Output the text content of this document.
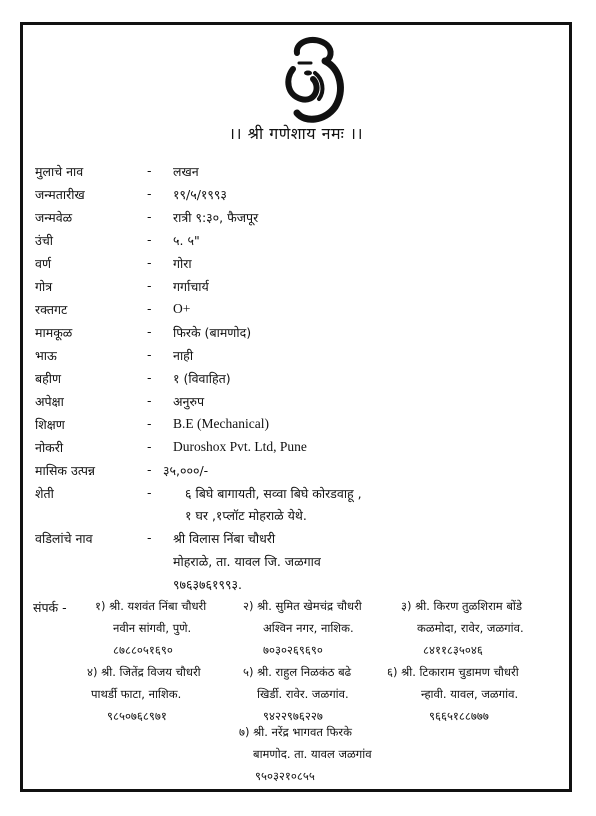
।। श्री गणेशाय नमः ।।
मुलाचे नाव	- लखन
जन्मतारीख	- १९/५/१९९३
जन्मवेळ	- रात्री ९:३०, फैजपूर
उंची	- ५. ५"
वर्ण	- गोरा
गोत्र	- गर्गाचार्य
रक्तगट	- O+
मामकूळ	- फिरके (बामणोद)
भाऊ	- नाही
बहीण	- १ (विवाहित)
अपेक्षा	- अनुरुप
शिक्षण	- B.E (Mechanical)
नोकरी	- Duroshox Pvt. Ltd, Pune
मासिक उत्पन्न	- ३५,०००/-
शेती	-	६ बिघे बागायती, सव्वा बिघे कोरडवाहू ,
१ घर ,१प्लॉट मोहराळे येथे.
वडिलांचे नाव	- श्री विलास निंबा चौधरी
मोहराळे, ता. यावल जि. जळगाव
९७६३७६१९९३.
संपर्क - १) श्री. यशवंत निंबा चौधरी
नवीन सांगवी, पुणे.
८७८८०५१६९०
२) श्री. सुमित खेमचंद्र चौधरी
अश्विन नगर, नाशिक.
७०३०२६९६९०
३) श्री. किरण तुळशिराम बोंडे
कळमोदा, रावेर, जळगांव.
८४११८३५०४६
४) श्री. जितेंद्र विजय चौधरी
पाथर्डी फाटा, नाशिक.
९८५०७६८९७१
५) श्री. राहुल निळकंठ बढे
खिर्डी. रावेर. जळगांव.
९४२२९७६२२७
६) श्री. टिकाराम चुडामण चौधरी
न्हावी. यावल, जळगांव.
९६६५१८८७७७
७) श्री. नरेंद्र भागवत फिरके
बामणोद. ता. यावल जळगांव
९५०३२१०८५५
